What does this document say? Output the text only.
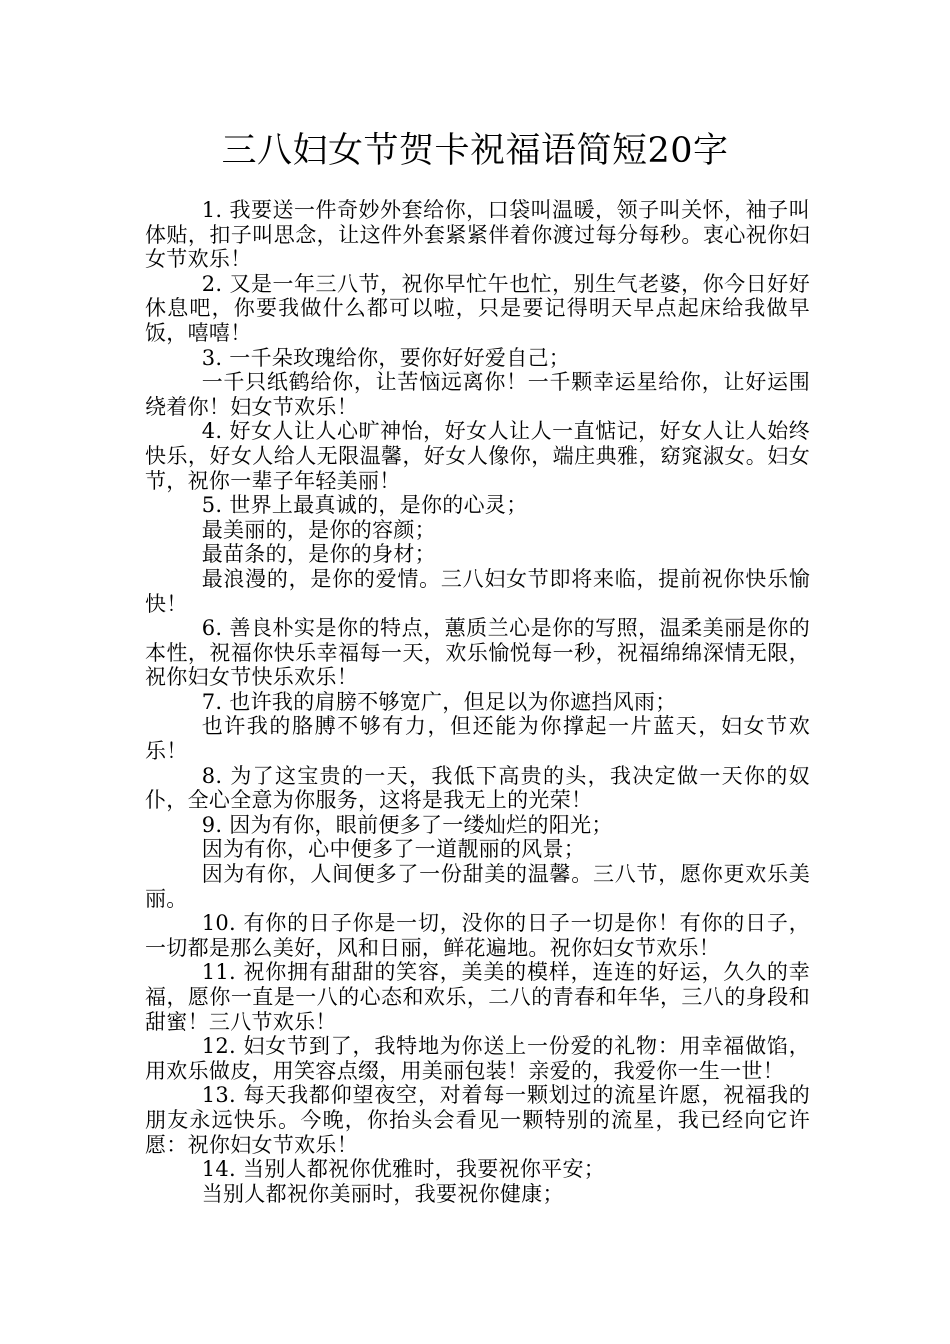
三八妇女节贺卡祝福语简短20字

1. 我要送一件奇妙外套给你，口袋叫温暖，领子叫关怀，袖子叫体贴，扣子叫思念，让这件外套紧紧伴着你渡过每分每秒。衷心祝你妇女节欢乐！

2. 又是一年三八节，祝你早忙午也忙，别生气老婆，你今日好好休息吧，你要我做什么都可以啦，只是要记得明天早点起床给我做早饭，嘻嘻！

3. 一千朵玫瑰给你，要你好好爱自己；

一千只纸鹤给你，让苦恼远离你！一千颗幸运星给你，让好运围绕着你！妇女节欢乐！

4. 好女人让人心旷神怡，好女人让人一直惦记，好女人让人始终快乐，好女人给人无限温馨，好女人像你，端庄典雅，窈窕淑女。妇女节，祝你一辈子年轻美丽！

5. 世界上最真诚的，是你的心灵；

最美丽的，是你的容颜；

最苗条的，是你的身材；

最浪漫的，是你的爱情。三八妇女节即将来临，提前祝你快乐愉快！

6. 善良朴实是你的特点，蕙质兰心是你的写照，温柔美丽是你的本性，祝福你快乐幸福每一天，欢乐愉悦每一秒，祝福绵绵深情无限，祝你妇女节快乐欢乐！

7. 也许我的肩膀不够宽广，但足以为你遮挡风雨；

也许我的胳膊不够有力，但还能为你撑起一片蓝天，妇女节欢乐！

8. 为了这宝贵的一天，我低下高贵的头，我决定做一天你的奴仆，全心全意为你服务，这将是我无上的光荣！

9. 因为有你，眼前便多了一缕灿烂的阳光；

因为有你，心中便多了一道靓丽的风景；

因为有你，人间便多了一份甜美的温馨。三八节，愿你更欢乐美丽。

10. 有你的日子你是一切，没你的日子一切是你！有你的日子，一切都是那么美好，风和日丽，鲜花遍地。祝你妇女节欢乐！

11. 祝你拥有甜甜的笑容，美美的模样，连连的好运，久久的幸福，愿你一直是一八的心态和欢乐，二八的青春和年华，三八的身段和甜蜜！三八节欢乐！

12. 妇女节到了，我特地为你送上一份爱的礼物：用幸福做馅，用欢乐做皮，用笑容点缀，用美丽包装！亲爱的，我爱你一生一世！

13. 每天我都仰望夜空，对着每一颗划过的流星许愿，祝福我的朋友永远快乐。今晚，你抬头会看见一颗特别的流星，我已经向它许愿：祝你妇女节欢乐！

14. 当别人都祝你优雅时，我要祝你平安；

当别人都祝你美丽时，我要祝你健康；
